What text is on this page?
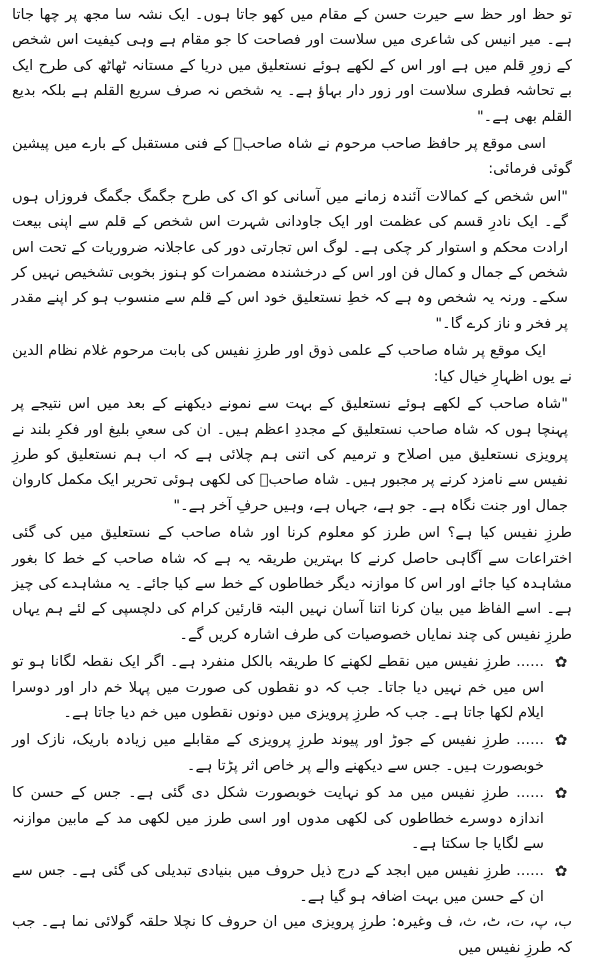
تو حظ اور حظ سے حیرت حسن کے مقام میں کھو جاتا ہوں۔ ایک نشہ سا مجھ پر چھا جاتا ہے۔ میر انیس کی شاعری میں سلاست اور فصاحت کا جو مقام ہے وہی کیفیت اس شخص کے زورِ قلم میں ہے اور اس کے لکھے ہوئے نستعلیق میں دریا کے مستانہ ٹھاٹھ کی طرح ایک بے تحاشہ فطری سلاست اور زور دار بہاؤ ہے۔ یہ شخص نہ صرف سریع القلم ہے بلکہ بدیع القلم بھی ہے۔"

اسی موقع پر حافظ صاحب مرحوم نے شاہ صاحبؒ کے فنی مستقبل کے بارے میں پیشین گوئی فرمائی:

"اس شخص کے کمالات آئندہ زمانے میں آسانی کو اک کی طرح جگمگ جگمگ فروزاں ہوں گے۔ ایک نادرِ قسم کی عظمت اور ایک جاودانی شہرت اس شخص کے قلم سے اپنی بیعت ارادت محکم و استوار کر چکی ہے۔ لوگ اس تجارتی دور کی عاجلانہ ضروریات کے تحت اس شخص کے جمال و کمال فن اور اس کے درخشندہ مضمرات کو ہنوز بخوبی تشخیص نہیں کر سکے۔ ورنہ یہ شخص وہ ہے کہ خطِ نستعلیق خود اس کے قلم سے منسوب ہو کر اپنے مقدر پر فخر و ناز کرے گا۔"

ایک موقع پر شاہ صاحب کے علمی ذوق اور طرزِ نفیس کی بابت مرحوم غلام نظام الدین نے یوں اظہارِ خیال کیا:

"شاہ صاحب کے لکھے ہوئے نستعلیق کے بہت سے نمونے دیکھنے کے بعد میں اس نتیجے پر پہنچا ہوں کہ شاہ صاحب نستعلیق کے مجددِ اعظم ہیں۔ ان کی سعیِ بلیغ اور فکرِ بلند نے پرویزی نستعلیق میں اصلاح و ترمیم کی اتنی ہم چلائی ہے کہ اب ہم نستعلیق کو طرزِ نفیس سے نامزد کرنے پر مجبور ہیں۔ شاہ صاحبؒ کی لکھی ہوئی تحریر ایک مکمل کاروان جمال اور جنت نگاہ ہے۔ جو ہے، جہاں ہے، وہیں حرفِ آخر ہے۔"

طرزِ نفیس کیا ہے؟ اس طرز کو معلوم کرنا اور شاہ صاحب کے نستعلیق میں کی گئی اختراعات سے آگاہی حاصل کرنے کا بہترین طریقہ یہ ہے کہ شاہ صاحب کے خط کا بغور مشاہدہ کیا جائے اور اس کا موازنہ دیگر خطاطوں کے خط سے کیا جائے۔ یہ مشاہدے کی چیز ہے۔ اسے الفاظ میں بیان کرنا اتنا آسان نہیں البتہ قارئین کرام کی دلچسپی کے لئے ہم یہاں طرزِ نفیس کی چند نمایاں خصوصیات کی طرف اشارہ کریں گے۔

✿

...... طرزِ نفیس میں نقطے لکھنے کا طریقہ بالکل منفرد ہے۔ اگر ایک نقطہ لگانا ہو تو اس میں خم نہیں دیا جاتا۔ جب کہ دو نقطوں کی صورت میں پہلا خم دار اور دوسرا ایلام لکھا جاتا ہے۔ جب کہ طرزِ پرویزی میں دونوں نقطوں میں خم دیا جاتا ہے۔

✿

...... طرزِ نفیس کے جوڑ اور پیوند طرزِ پرویزی کے مقابلے میں زیادہ باریک، نازک اور خوبصورت ہیں۔ جس سے دیکھنے والے پر خاص اثر پڑتا ہے۔

✿

...... طرزِ نفیس میں مد کو نہایت خوبصورت شکل دی گئی ہے۔ جس کے حسن کا اندازہ دوسرے خطاطوں کی لکھی مدوں اور اسی طرز میں لکھی مد کے مابین موازنہ سے لگایا جا سکتا ہے۔

✿

...... طرزِ نفیس میں ابجد کے درج ذیل حروف میں بنیادی تبدیلی کی گئی ہے۔ جس سے ان کے حسن میں بہت اضافہ ہو گیا ہے۔

ب، پ، ت، ٹ، ث، ف وغیرہ: طرزِ پرویزی میں ان حروف کا نچلا حلقہ گولائی نما ہے۔ جب کہ طرزِ نفیس میں
